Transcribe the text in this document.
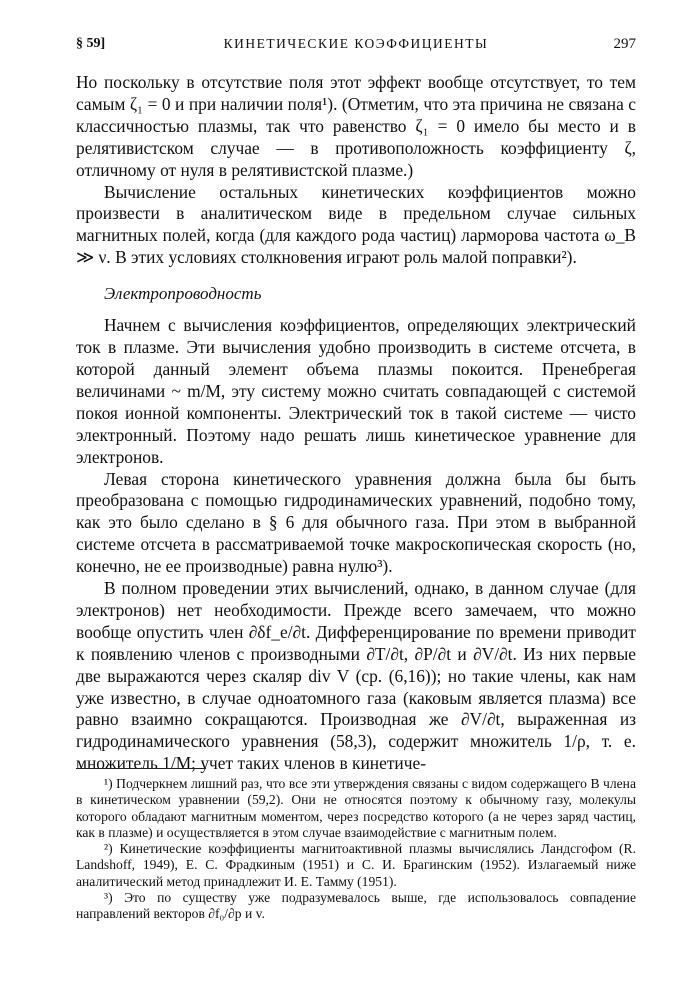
§ 59]	КИНЕТИЧЕСКИЕ КОЭФФИЦИЕНТЫ	297

Но поскольку в отсутствие поля этот эффект вообще отсутствует, то тем самым ζ₁ = 0 и при наличии поля¹). (Отметим, что эта причина не связана с классичностью плазмы, так что равенство ζ₁ = 0 имело бы место и в релятивистском случае — в противоположность коэффициенту ζ, отличному от нуля в релятивистской плазме.)

Вычисление остальных кинетических коэффициентов можно произвести в аналитическом виде в предельном случае сильных магнитных полей, когда (для каждого рода частиц) ларморова частота ω_B ≫ ν. В этих условиях столкновения играют роль малой поправки²).

Электропроводность

Начнем с вычисления коэффициентов, определяющих электрический ток в плазме. Эти вычисления удобно производить в системе отсчета, в которой данный элемент объема плазмы покоится. Пренебрегая величинами ~ m/M, эту систему можно считать совпадающей с системой покоя ионной компоненты. Электрический ток в такой системе — чисто электронный. Поэтому надо решать лишь кинетическое уравнение для электронов.

Левая сторона кинетического уравнения должна была бы быть преобразована с помощью гидродинамических уравнений, подобно тому, как это было сделано в § 6 для обычного газа. При этом в выбранной системе отсчета в рассматриваемой точке макроскопическая скорость (но, конечно, не ее производные) равна нулю³).

В полном проведении этих вычислений, однако, в данном случае (для электронов) нет необходимости. Прежде всего замечаем, что можно вообще опустить член ∂δf_e/∂t. Дифференцирование по времени приводит к появлению членов с производными ∂T/∂t, ∂P/∂t и ∂V/∂t. Из них первые две выражаются через скаляр div V (ср. (6,16)); но такие члены, как нам уже известно, в случае одноатомного газа (каковым является плазма) все равно взаимно сокращаются. Производная же ∂V/∂t, выраженная из гидродинамического уравнения (58,3), содержит множитель 1/ρ, т. е. множитель 1/M; учет таких членов в кинетиче-

¹) Подчеркнем лишний раз, что все эти утверждения связаны с видом содержащего B члена в кинетическом уравнении (59,2). Они не относятся поэтому к обычному газу, молекулы которого обладают магнитным моментом, через посредство которого (а не через заряд частиц, как в плазме) и осуществляется в этом случае взаимодействие с магнитным полем.

²) Кинетические коэффициенты магнитоактивной плазмы вычислялись Ландсгофом (R. Landshoff, 1949), Е. С. Фрадкиным (1951) и С. И. Брагинским (1952). Излагаемый ниже аналитический метод принадлежит И. Е. Тамму (1951).

³) Это по существу уже подразумевалось выше, где использовалось совпадение направлений векторов ∂f₀/∂p и v.
